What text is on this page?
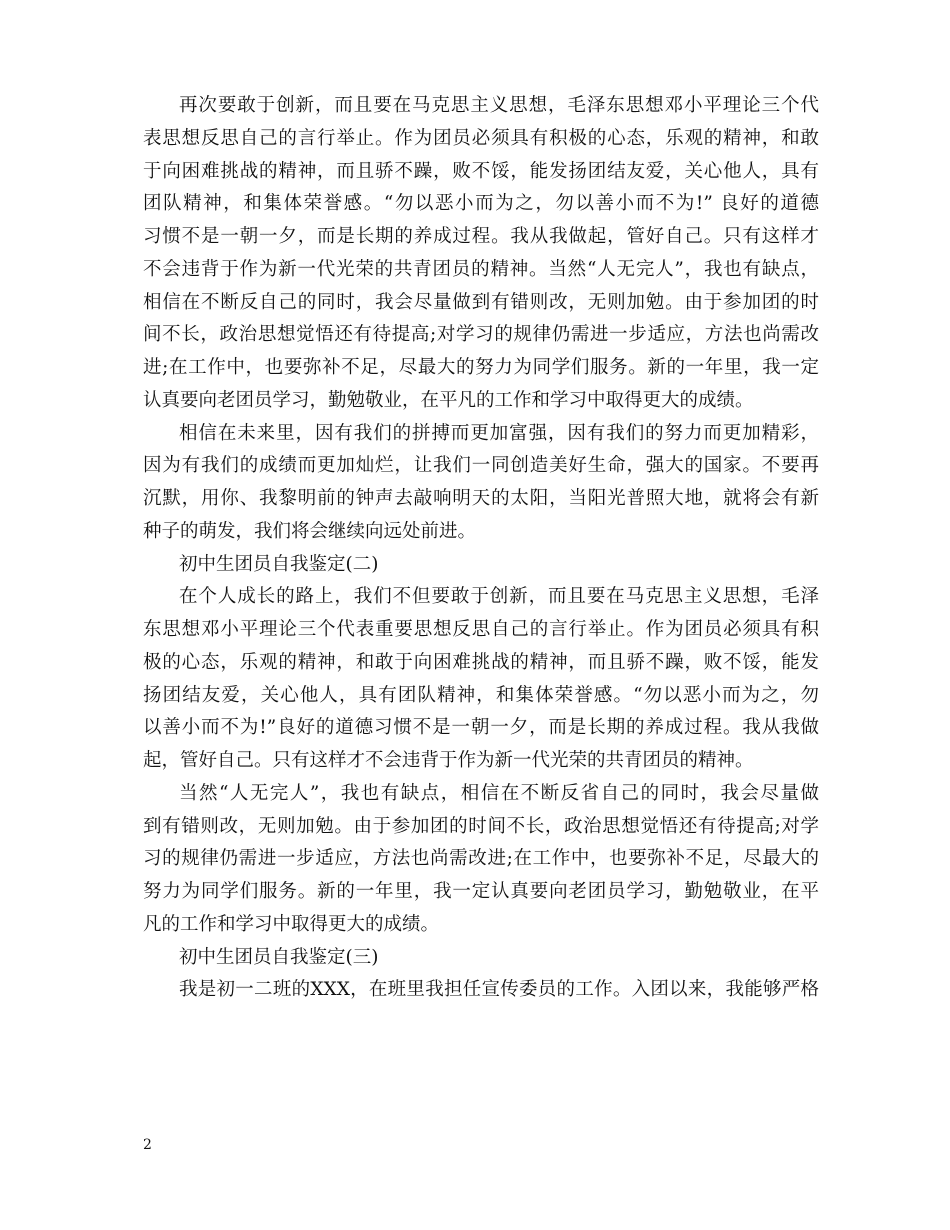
再次要敢于创新，而且要在马克思主义思想，毛泽东思想邓小平理论三个代
表思想反思自己的言行举止。作为团员必须具有积极的心态，乐观的精神，和敢
于向困难挑战的精神，而且骄不躁，败不馁，能发扬团结友爱，关心他人，具有
团队精神，和集体荣誉感。“勿以恶小而为之，勿以善小而不为!” 良好的道德
习惯不是一朝一夕，而是长期的养成过程。我从我做起，管好自己。只有这样才
不会违背于作为新一代光荣的共青团员的精神。当然“人无完人”，我也有缺点，
相信在不断反自己的同时，我会尽量做到有错则改，无则加勉。由于参加团的时
间不长，政治思想觉悟还有待提高;对学习的规律仍需进一步适应，方法也尚需改
进;在工作中，也要弥补不足，尽最大的努力为同学们服务。新的一年里，我一定
认真要向老团员学习，勤勉敬业，在平凡的工作和学习中取得更大的成绩。
相信在未来里，因有我们的拼搏而更加富强，因有我们的努力而更加精彩，
因为有我们的成绩而更加灿烂，让我们一同创造美好生命，强大的国家。不要再
沉默，用你、我黎明前的钟声去敲响明天的太阳，当阳光普照大地，就将会有新
种子的萌发，我们将会继续向远处前进。
初中生团员自我鉴定(二)
在个人成长的路上，我们不但要敢于创新，而且要在马克思主义思想，毛泽
东思想邓小平理论三个代表重要思想反思自己的言行举止。作为团员必须具有积
极的心态，乐观的精神，和敢于向困难挑战的精神，而且骄不躁，败不馁，能发
扬团结友爱，关心他人，具有团队精神，和集体荣誉感。“勿以恶小而为之，勿
以善小而不为!”良好的道德习惯不是一朝一夕，而是长期的养成过程。我从我做
起，管好自己。只有这样才不会违背于作为新一代光荣的共青团员的精神。
当然“人无完人”，我也有缺点，相信在不断反省自己的同时，我会尽量做
到有错则改，无则加勉。由于参加团的时间不长，政治思想觉悟还有待提高;对学
习的规律仍需进一步适应，方法也尚需改进;在工作中，也要弥补不足，尽最大的
努力为同学们服务。新的一年里，我一定认真要向老团员学习，勤勉敬业，在平
凡的工作和学习中取得更大的成绩。
初中生团员自我鉴定(三)
我是初一二班的XXX，在班里我担任宣传委员的工作。入团以来，我能够严格
2
